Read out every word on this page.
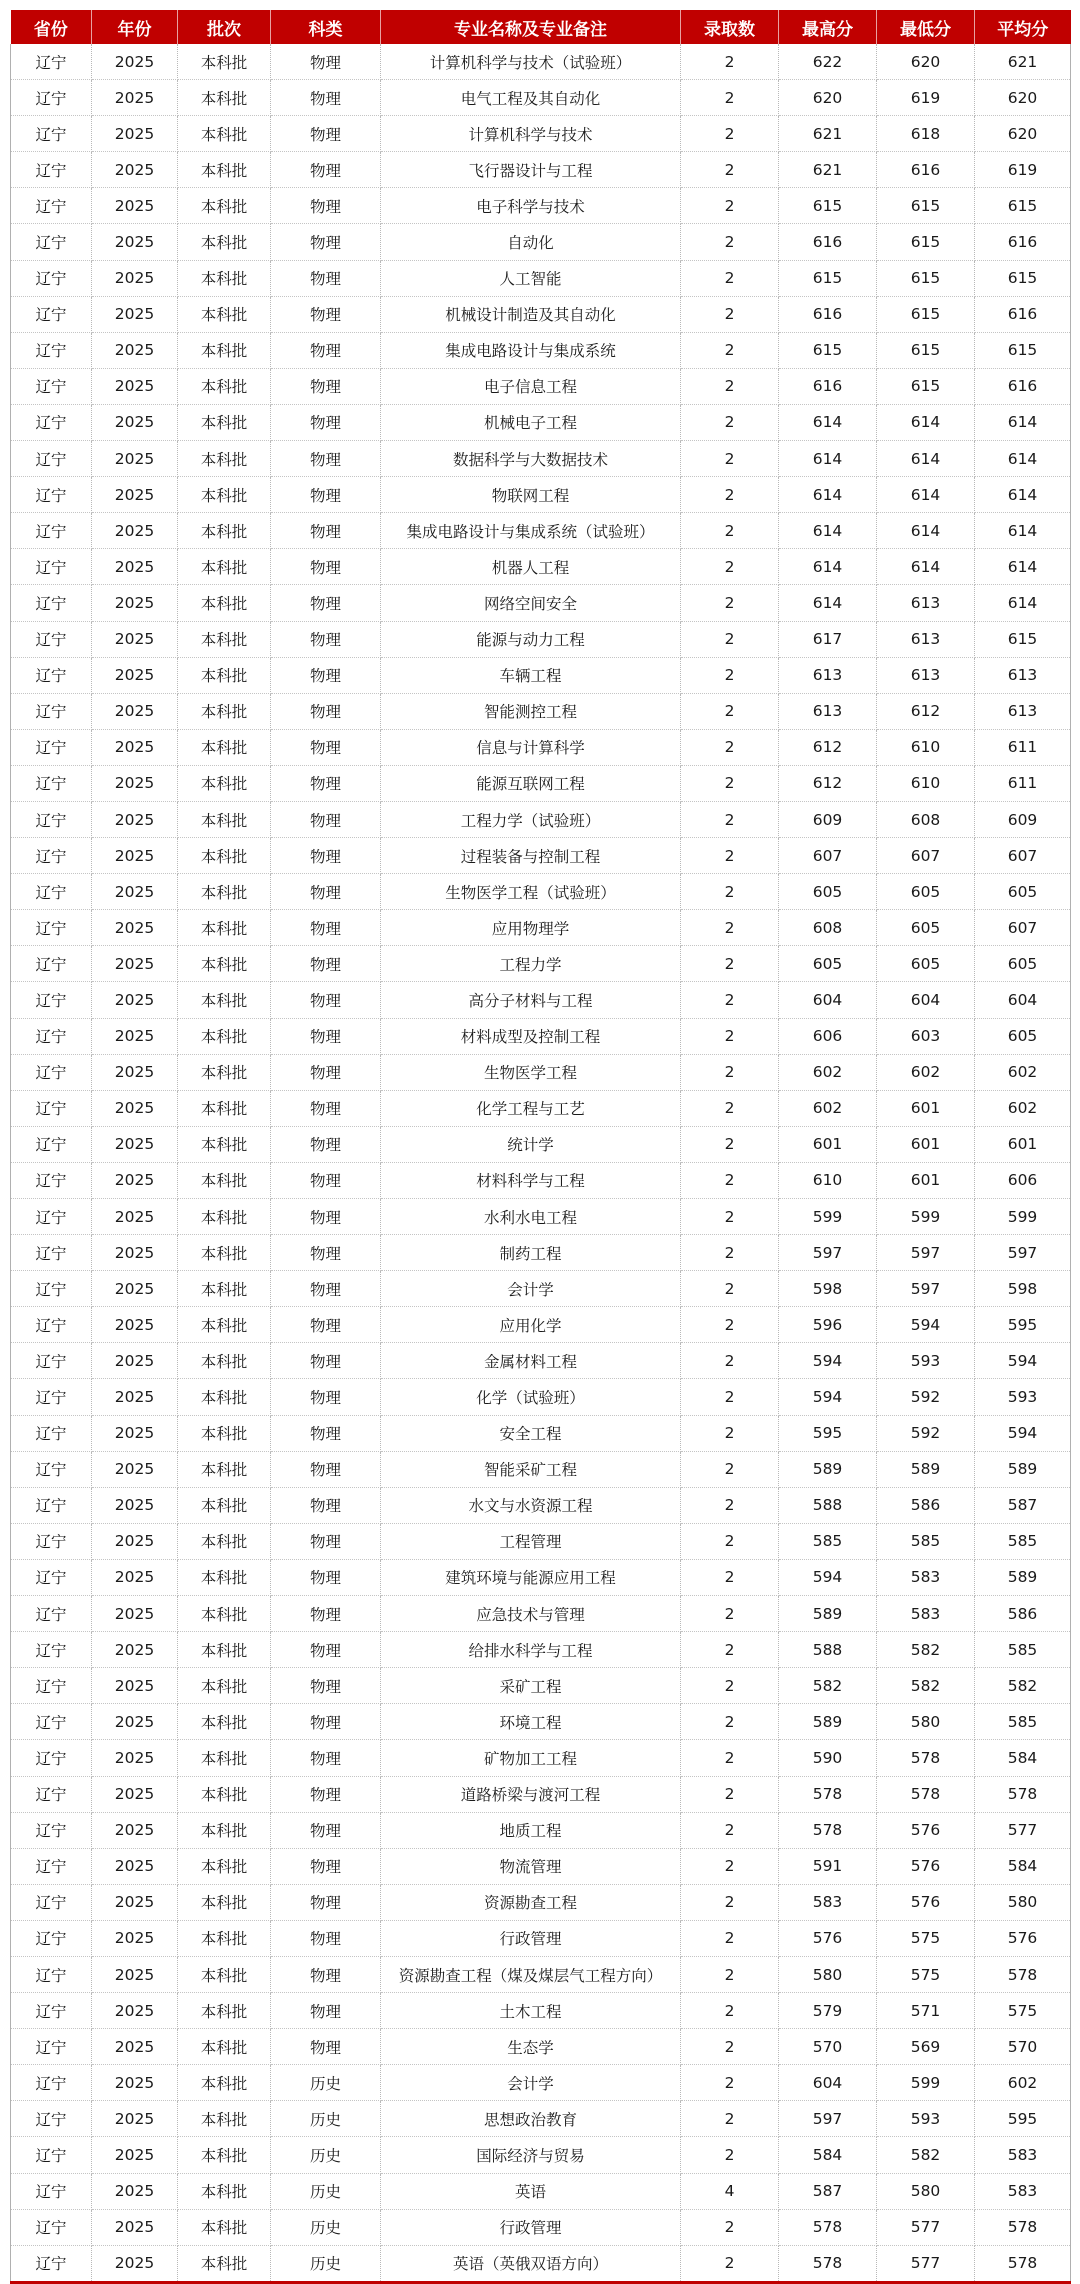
省份	年份	批次	科类	专业名称及专业备注	录取数	最高分	最低分	平均分
辽宁	2025	本科批	物理	计算机科学与技术（试验班）	2	622	620	621
辽宁	2025	本科批	物理	电气工程及其自动化	2	620	619	620
辽宁	2025	本科批	物理	计算机科学与技术	2	621	618	620
辽宁	2025	本科批	物理	飞行器设计与工程	2	621	616	619
辽宁	2025	本科批	物理	电子科学与技术	2	615	615	615
辽宁	2025	本科批	物理	自动化	2	616	615	616
辽宁	2025	本科批	物理	人工智能	2	615	615	615
辽宁	2025	本科批	物理	机械设计制造及其自动化	2	616	615	616
辽宁	2025	本科批	物理	集成电路设计与集成系统	2	615	615	615
辽宁	2025	本科批	物理	电子信息工程	2	616	615	616
辽宁	2025	本科批	物理	机械电子工程	2	614	614	614
辽宁	2025	本科批	物理	数据科学与大数据技术	2	614	614	614
辽宁	2025	本科批	物理	物联网工程	2	614	614	614
辽宁	2025	本科批	物理	集成电路设计与集成系统（试验班）	2	614	614	614
辽宁	2025	本科批	物理	机器人工程	2	614	614	614
辽宁	2025	本科批	物理	网络空间安全	2	614	613	614
辽宁	2025	本科批	物理	能源与动力工程	2	617	613	615
辽宁	2025	本科批	物理	车辆工程	2	613	613	613
辽宁	2025	本科批	物理	智能测控工程	2	613	612	613
辽宁	2025	本科批	物理	信息与计算科学	2	612	610	611
辽宁	2025	本科批	物理	能源互联网工程	2	612	610	611
辽宁	2025	本科批	物理	工程力学（试验班）	2	609	608	609
辽宁	2025	本科批	物理	过程装备与控制工程	2	607	607	607
辽宁	2025	本科批	物理	生物医学工程（试验班）	2	605	605	605
辽宁	2025	本科批	物理	应用物理学	2	608	605	607
辽宁	2025	本科批	物理	工程力学	2	605	605	605
辽宁	2025	本科批	物理	高分子材料与工程	2	604	604	604
辽宁	2025	本科批	物理	材料成型及控制工程	2	606	603	605
辽宁	2025	本科批	物理	生物医学工程	2	602	602	602
辽宁	2025	本科批	物理	化学工程与工艺	2	602	601	602
辽宁	2025	本科批	物理	统计学	2	601	601	601
辽宁	2025	本科批	物理	材料科学与工程	2	610	601	606
辽宁	2025	本科批	物理	水利水电工程	2	599	599	599
辽宁	2025	本科批	物理	制药工程	2	597	597	597
辽宁	2025	本科批	物理	会计学	2	598	597	598
辽宁	2025	本科批	物理	应用化学	2	596	594	595
辽宁	2025	本科批	物理	金属材料工程	2	594	593	594
辽宁	2025	本科批	物理	化学（试验班）	2	594	592	593
辽宁	2025	本科批	物理	安全工程	2	595	592	594
辽宁	2025	本科批	物理	智能采矿工程	2	589	589	589
辽宁	2025	本科批	物理	水文与水资源工程	2	588	586	587
辽宁	2025	本科批	物理	工程管理	2	585	585	585
辽宁	2025	本科批	物理	建筑环境与能源应用工程	2	594	583	589
辽宁	2025	本科批	物理	应急技术与管理	2	589	583	586
辽宁	2025	本科批	物理	给排水科学与工程	2	588	582	585
辽宁	2025	本科批	物理	采矿工程	2	582	582	582
辽宁	2025	本科批	物理	环境工程	2	589	580	585
辽宁	2025	本科批	物理	矿物加工工程	2	590	578	584
辽宁	2025	本科批	物理	道路桥梁与渡河工程	2	578	578	578
辽宁	2025	本科批	物理	地质工程	2	578	576	577
辽宁	2025	本科批	物理	物流管理	2	591	576	584
辽宁	2025	本科批	物理	资源勘查工程	2	583	576	580
辽宁	2025	本科批	物理	行政管理	2	576	575	576
辽宁	2025	本科批	物理	资源勘查工程（煤及煤层气工程方向）	2	580	575	578
辽宁	2025	本科批	物理	土木工程	2	579	571	575
辽宁	2025	本科批	物理	生态学	2	570	569	570
辽宁	2025	本科批	历史	会计学	2	604	599	602
辽宁	2025	本科批	历史	思想政治教育	2	597	593	595
辽宁	2025	本科批	历史	国际经济与贸易	2	584	582	583
辽宁	2025	本科批	历史	英语	4	587	580	583
辽宁	2025	本科批	历史	行政管理	2	578	577	578
辽宁	2025	本科批	历史	英语（英俄双语方向）	2	578	577	578
